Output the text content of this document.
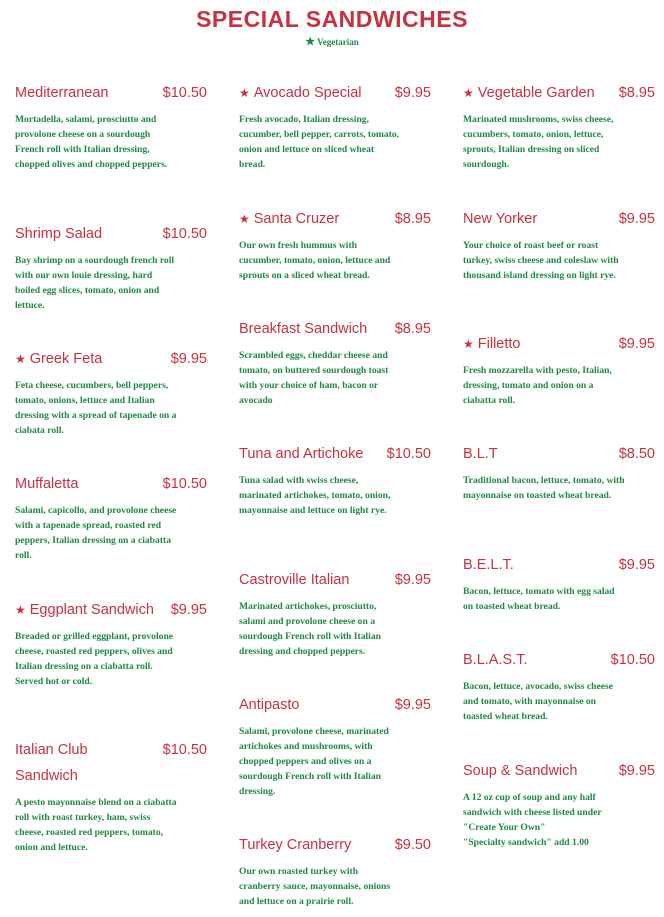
SPECIAL SANDWICHES
★ Vegetarian
Mediterranean	$10.50
Mortadella, salami, prosciutto and provolone cheese on a sourdough French roll with Italian dressing, chopped olives and chopped peppers.
Shrimp Salad	$10.50
Bay shrimp on a sourdough french roll with our own louie dressing, hard boiled egg slices, tomato, onion and lettuce.
★ Greek Feta	$9.95
Feta cheese, cucumbers, bell peppers, tomato, onions, lettuce and Italian dressing with a spread of tapenade on a ciabata roll.
Muffaletta	$10.50
Salami, capicollo, and provolone cheese with a tapenade spread, roasted red peppers, Italian dressing on a ciabatta roll.
★ Eggplant Sandwich	$9.95
Breaded or grilled eggplant, provolone cheese, roasted red peppers, olives and Italian dressing on a ciabatta roll. Served hot or cold.
Italian Club Sandwich
$10.50
A pesto mayonnaise blend on a ciabatta roll with roast turkey, ham, swiss cheese, roasted red peppers, tomato, onion and lettuce.
★ Avocado Special	$9.95
Fresh avocado, Italian dressing, cucumber, bell pepper, carrots, tomato, onion and lettuce on sliced wheat bread.
★ Santa Cruzer	$8.95
Our own fresh hummus with cucumber, tomato, onion, lettuce and sprouts on a sliced wheat bread.
Breakfast Sandwich	$8.95
Scrambled eggs, cheddar cheese and tomato, on buttered sourdough toast with your choice of ham, bacon or avocado
Tuna and Artichoke	$10.50
Tuna salad with swiss cheese, marinated artichokes, tomato, onion, mayonnaise and lettuce on light rye.
Castroville Italian	$9.95
Marinated artichokes, prosciutto, salami and provolone cheese on a sourdough French roll with Italian dressing and chopped peppers.
Antipasto	$9.95
Salami, provolone cheese, marinated artichokes and mushrooms, with chopped peppers and olives on a sourdough French roll with Italian dressing.
Turkey Cranberry	$9.50
Our own roasted turkey with cranberry sauce, mayonnaise, onions and lettuce on a prairie roll.
★ Vegetable Garden	$8.95
Marinated mushrooms, swiss cheese, cucumbers, tomato, onion, lettuce, sprouts, Italian dressing on sliced sourdough.
New Yorker	$9.95
Your choice of roast beef or roast turkey, swiss cheese and coleslaw with thousand island dressing on light rye.
★ Filletto	$9.95
Fresh mozzarella with pesto, Italian, dressing, tomato and onion on a ciabatta roll.
B.L.T	$8.50
Traditional bacon, lettuce, tomato, with mayonnaise on toasted wheat bread.
B.E.L.T.	$9.95
Bacon, lettuce, tomato with egg salad on toasted wheat bread.
B.L.A.S.T.	$10.50
Bacon, lettuce, avocado, swiss cheese and tomato, with mayonnaise on toasted wheat bread.
Soup & Sandwich	$9.95
A 12 oz cup of soup and any half sandwich with cheese listed under "Create Your Own"
"Specialty sandwich" add 1.00
